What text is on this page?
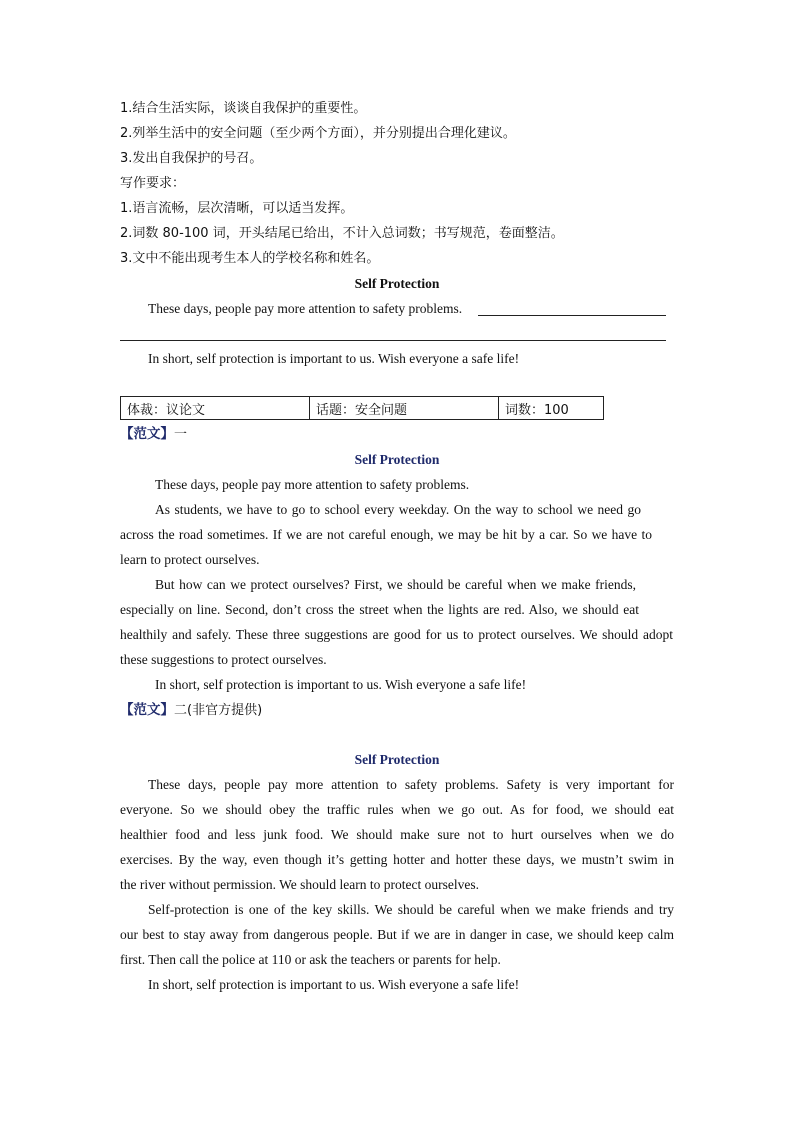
1.结合生活实际，谈谈自我保护的重要性。
2.列举生活中的安全问题（至少两个方面），并分别提出合理化建议。
3.发出自我保护的号召。
写作要求：
1.语言流畅，层次清晰，可以适当发挥。
2.词数 80-100 词，开头结尾已给出，不计入总词数；书写规范，卷面整洁。
3.文中不能出现考生本人的学校名称和姓名。
Self Protection
These days, people pay more attention to safety problems.
In short, self protection is important to us. Wish everyone a safe life!
体裁：议论文	话题：安全问题	词数：100
【范文】一
Self Protection
These days, people pay more attention to safety problems.
As students, we have to go to school every weekday. On the way to school we need go
across the road sometimes. If we are not careful enough, we may be hit by a car. So we have to
learn to protect ourselves.
But how can we protect ourselves? First, we should be careful when we make friends,
especially on line. Second, don’t cross the street when the lights are red. Also, we should eat
healthily and safely. These three suggestions are good for us to protect ourselves. We should adopt
these suggestions to protect ourselves.
In short, self protection is important to us. Wish everyone a safe life!
【范文】二(非官方提供)
Self Protection
These days, people pay more attention to safety problems. Safety is very important for
everyone. So we should obey the traffic rules when we go out. As for food, we should eat
healthier food and less junk food. We should make sure not to hurt ourselves when we do
exercises. By the way, even though it’s getting hotter and hotter these days, we mustn’t swim in
the river without permission. We should learn to protect ourselves.
Self-protection is one of the key skills. We should be careful when we make friends and try
our best to stay away from dangerous people. But if we are in danger in case, we should keep calm
first. Then call the police at 110 or ask the teachers or parents for help.
In short, self protection is important to us. Wish everyone a safe life!
